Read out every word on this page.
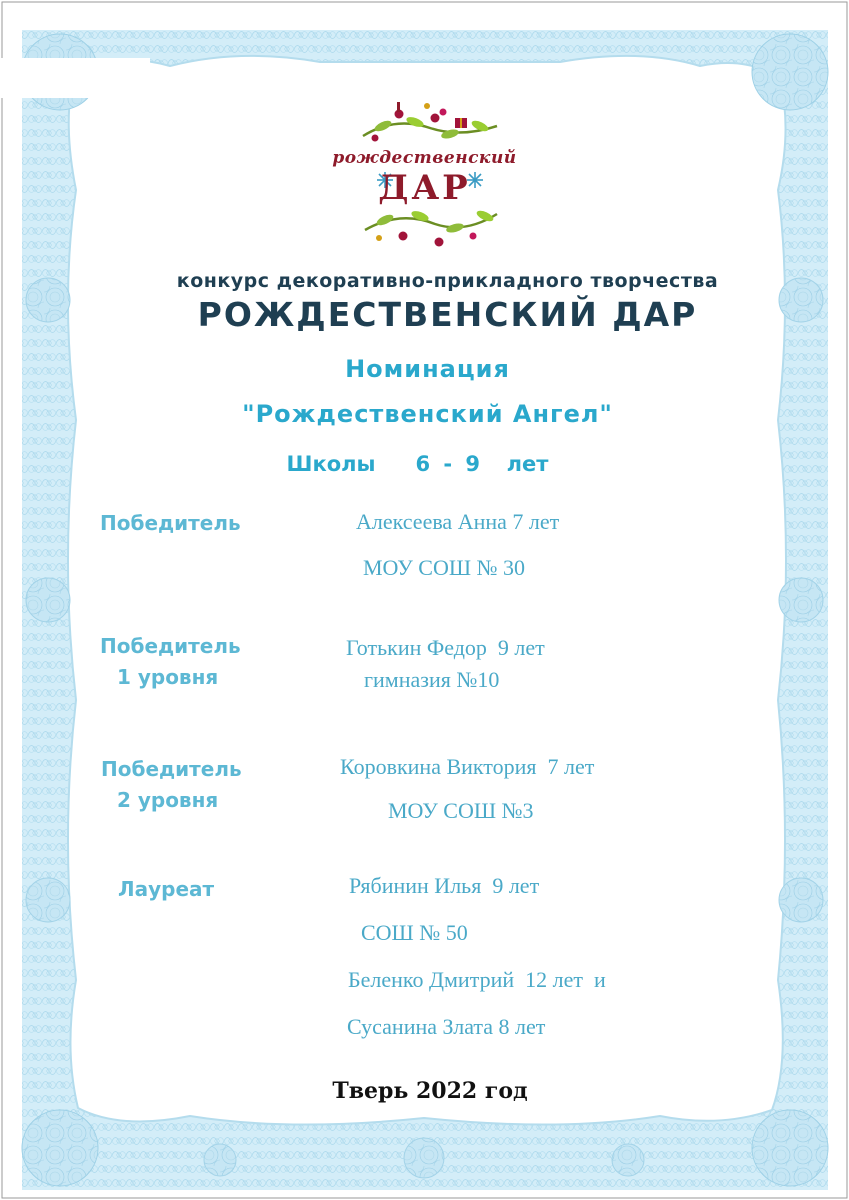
рождественский
ДАР
конкурс декоративно-прикладного творчества
РОЖДЕСТВЕНСКИЙ ДАР
Номинация
"Рождественский Ангел"
Школы   6 - 9  лет
Победитель	Алексеева Анна 7 лет
МОУ СОШ № 30
Победитель
1 уровня
Готькин Федор  9 лет
гимназия №10
Победитель
2 уровня
Коровкина Виктория  7 лет
МОУ СОШ №3
Лауреат	Рябинин Илья  9 лет
СОШ № 50
Беленко Дмитрий  12 лет  и
Сусанина Злата 8 лет
Тверь 2022 год
